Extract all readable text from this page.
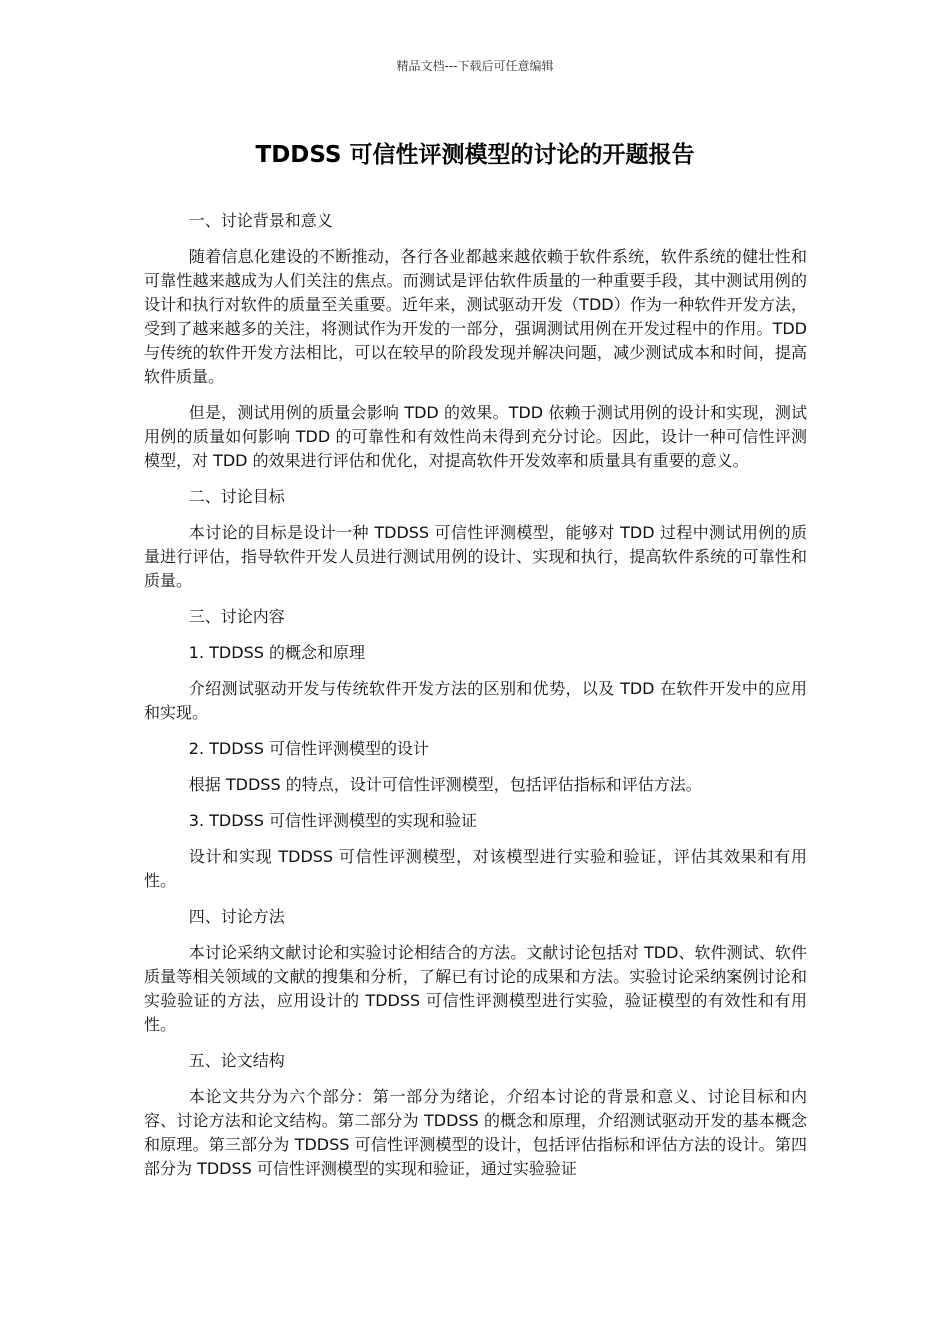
精品文档---下载后可任意编辑
TDDSS 可信性评测模型的讨论的开题报告

一、讨论背景和意义

随着信息化建设的不断推动，各行各业都越来越依赖于软件系统，软件系统的健壮性和可靠性越来越成为人们关注的焦点。而测试是评估软件质量的一种重要手段，其中测试用例的设计和执行对软件的质量至关重要。近年来，测试驱动开发（TDD）作为一种软件开发方法，受到了越来越多的关注，将测试作为开发的一部分，强调测试用例在开发过程中的作用。TDD 与传统的软件开发方法相比，可以在较早的阶段发现并解决问题，减少测试成本和时间，提高软件质量。

但是，测试用例的质量会影响 TDD 的效果。TDD 依赖于测试用例的设计和实现，测试用例的质量如何影响 TDD 的可靠性和有效性尚未得到充分讨论。因此，设计一种可信性评测模型，对 TDD 的效果进行评估和优化，对提高软件开发效率和质量具有重要的意义。

二、讨论目标

本讨论的目标是设计一种 TDDSS 可信性评测模型，能够对 TDD 过程中测试用例的质量进行评估，指导软件开发人员进行测试用例的设计、实现和执行，提高软件系统的可靠性和质量。

三、讨论内容

1. TDDSS 的概念和原理

介绍测试驱动开发与传统软件开发方法的区别和优势，以及 TDD 在软件开发中的应用和实现。

2. TDDSS 可信性评测模型的设计

根据 TDDSS 的特点，设计可信性评测模型，包括评估指标和评估方法。

3. TDDSS 可信性评测模型的实现和验证

设计和实现 TDDSS 可信性评测模型，对该模型进行实验和验证，评估其效果和有用性。

四、讨论方法

本讨论采纳文献讨论和实验讨论相结合的方法。文献讨论包括对 TDD、软件测试、软件质量等相关领域的文献的搜集和分析，了解已有讨论的成果和方法。实验讨论采纳案例讨论和实验验证的方法，应用设计的 TDDSS 可信性评测模型进行实验，验证模型的有效性和有用性。

五、论文结构

本论文共分为六个部分：第一部分为绪论，介绍本讨论的背景和意义、讨论目标和内容、讨论方法和论文结构。第二部分为 TDDSS 的概念和原理，介绍测试驱动开发的基本概念和原理。第三部分为 TDDSS 可信性评测模型的设计，包括评估指标和评估方法的设计。第四部分为 TDDSS 可信性评测模型的实现和验证，通过实验验证
